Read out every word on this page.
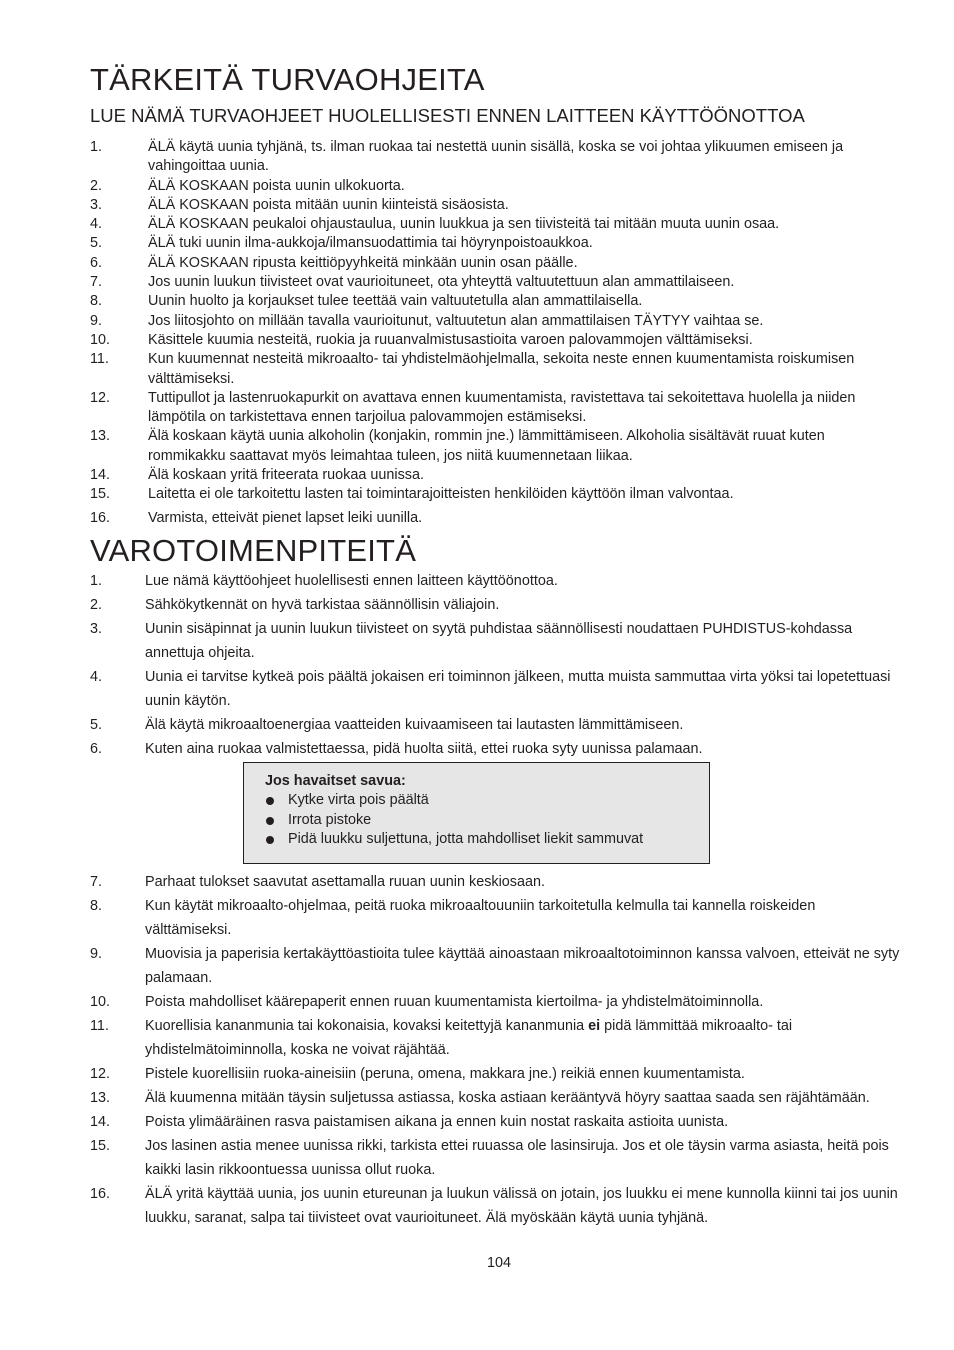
TÄRKEITÄ TURVAOHJEITA
LUE NÄMÄ TURVAOHJEET HUOLELLISESTI ENNEN LAITTEEN KÄYTTÖÖNOTTOA
1.	ÄLÄ käytä uunia tyhjänä, ts. ilman ruokaa tai nestettä uunin sisällä, koska se voi johtaa ylikuumen emiseen ja vahingoittaa uunia.
2.	ÄLÄ KOSKAAN poista uunin ulkokuorta.
3.	ÄLÄ KOSKAAN poista mitään uunin kiinteistä sisäosista.
4.	ÄLÄ KOSKAAN peukaloi ohjaustaulua, uunin luukkua ja sen tiivisteitä tai mitään muuta uunin osaa.
5.	ÄLÄ tuki uunin ilma-aukkoja/ilmansuodattimia tai höyrynpoistoaukkoa.
6.	ÄLÄ KOSKAAN ripusta keittiöpyyhkeitä minkään uunin osan päälle.
7.	Jos uunin luukun tiivisteet ovat vaurioituneet, ota yhteyttä valtuutettuun alan ammattilaiseen.
8.	Uunin huolto ja korjaukset tulee teettää vain valtuutetulla alan ammattilaisella.
9.	Jos liitosjohto on millään tavalla vaurioitunut, valtuutetun alan ammattilaisen TÄYTYY vaihtaa se.
10.	Käsittele kuumia nesteitä, ruokia ja ruuanvalmistusastioita varoen palovammojen välttämiseksi.
11.	Kun kuumennat nesteitä mikroaalto- tai yhdistelmäohjelmalla, sekoita neste ennen kuumentamista roiskumisen välttämiseksi.
12.	Tuttipullot ja lastenruokapurkit on avattava ennen kuumentamista, ravistettava tai sekoitettava huolella ja niiden lämpötila on tarkistettava ennen tarjoilua palovammojen estämiseksi.
13.	Älä koskaan käytä uunia alkoholin (konjakin, rommin jne.) lämmittämiseen. Alkoholia sisältävät ruuat kuten rommikakku saattavat myös leimahtaa tuleen, jos niitä kuumennetaan liikaa.
14.	Älä koskaan yritä friteerata ruokaa uunissa.
15.	Laitetta ei ole tarkoitettu lasten tai toimintarajoitteisten henkilöiden käyttöön ilman valvontaa.
16.	Varmista, etteivät pienet lapset leiki uunilla.
VAROTOIMENPITEITÄ
1.	Lue nämä käyttöohjeet huolellisesti ennen laitteen käyttöönottoa.
2.	Sähkökytkennät on hyvä tarkistaa säännöllisin väliajoin.
3.	Uunin sisäpinnat ja uunin luukun tiivisteet on syytä puhdistaa säännöllisesti noudattaen PUHDISTUS-kohdassa annettuja ohjeita.
4.	Uunia ei tarvitse kytkeä pois päältä jokaisen eri toiminnon jälkeen, mutta muista sammuttaa virta yöksi tai lopetettuasi uunin käytön.
5.	Älä käytä mikroaaltoenergiaa vaatteiden kuivaamiseen tai lautasten lämmittämiseen.
6.	Kuten aina ruokaa valmistettaessa, pidä huolta siitä, ettei ruoka syty uunissa palamaan.
Jos havaitset savua:
Kytke virta pois päältä
Irrota pistoke
Pidä luukku suljettuna, jotta mahdolliset liekit sammuvat
7.	Parhaat tulokset saavutat asettamalla ruuan uunin keskiosaan.
8.	Kun käytät mikroaalto-ohjelmaa, peitä ruoka mikroaaltouuniin tarkoitetulla kelmulla tai kannella roiskeiden välttämiseksi.
9.	Muovisia ja paperisia kertakäyttöastioita tulee käyttää ainoastaan mikroaaltotoiminnon kanssa valvoen, etteivät ne syty palamaan.
10. Poista mahdolliset käärepaperit ennen ruuan kuumentamista kiertoilma- ja yhdistelmätoiminnolla.
11.	Kuorellisia kananmunia tai kokonaisia, kovaksi keitettyjä kananmunia ei pidä lämmittää mikroaalto- tai yhdistelmätoiminnolla, koska ne voivat räjähtää.
12. Pistele kuorellisiin ruoka-aineisiin (peruna, omena, makkara jne.) reikiä ennen kuumentamista.
13. Älä kuumenna mitään täysin suljetussa astiassa, koska astiaan kerääntyvä höyry saattaa saada sen räjähtämään.
14. Poista ylimääräinen rasva paistamisen aikana ja ennen kuin nostat raskaita astioita uunista.
15. Jos lasinen astia menee uunissa rikki, tarkista ettei ruuassa ole lasinsiruja. Jos et ole täysin varma asiasta, heitä pois kaikki lasin rikkoontuessa uunissa ollut ruoka.
16. ÄLÄ yritä käyttää uunia, jos uunin etureunan ja luukun välissä on jotain, jos luukku ei mene kunnolla kiinni tai jos uunin luukku, saranat, salpa tai tiivisteet ovat vaurioituneet. Älä myöskään käytä uunia tyhjänä.
104
